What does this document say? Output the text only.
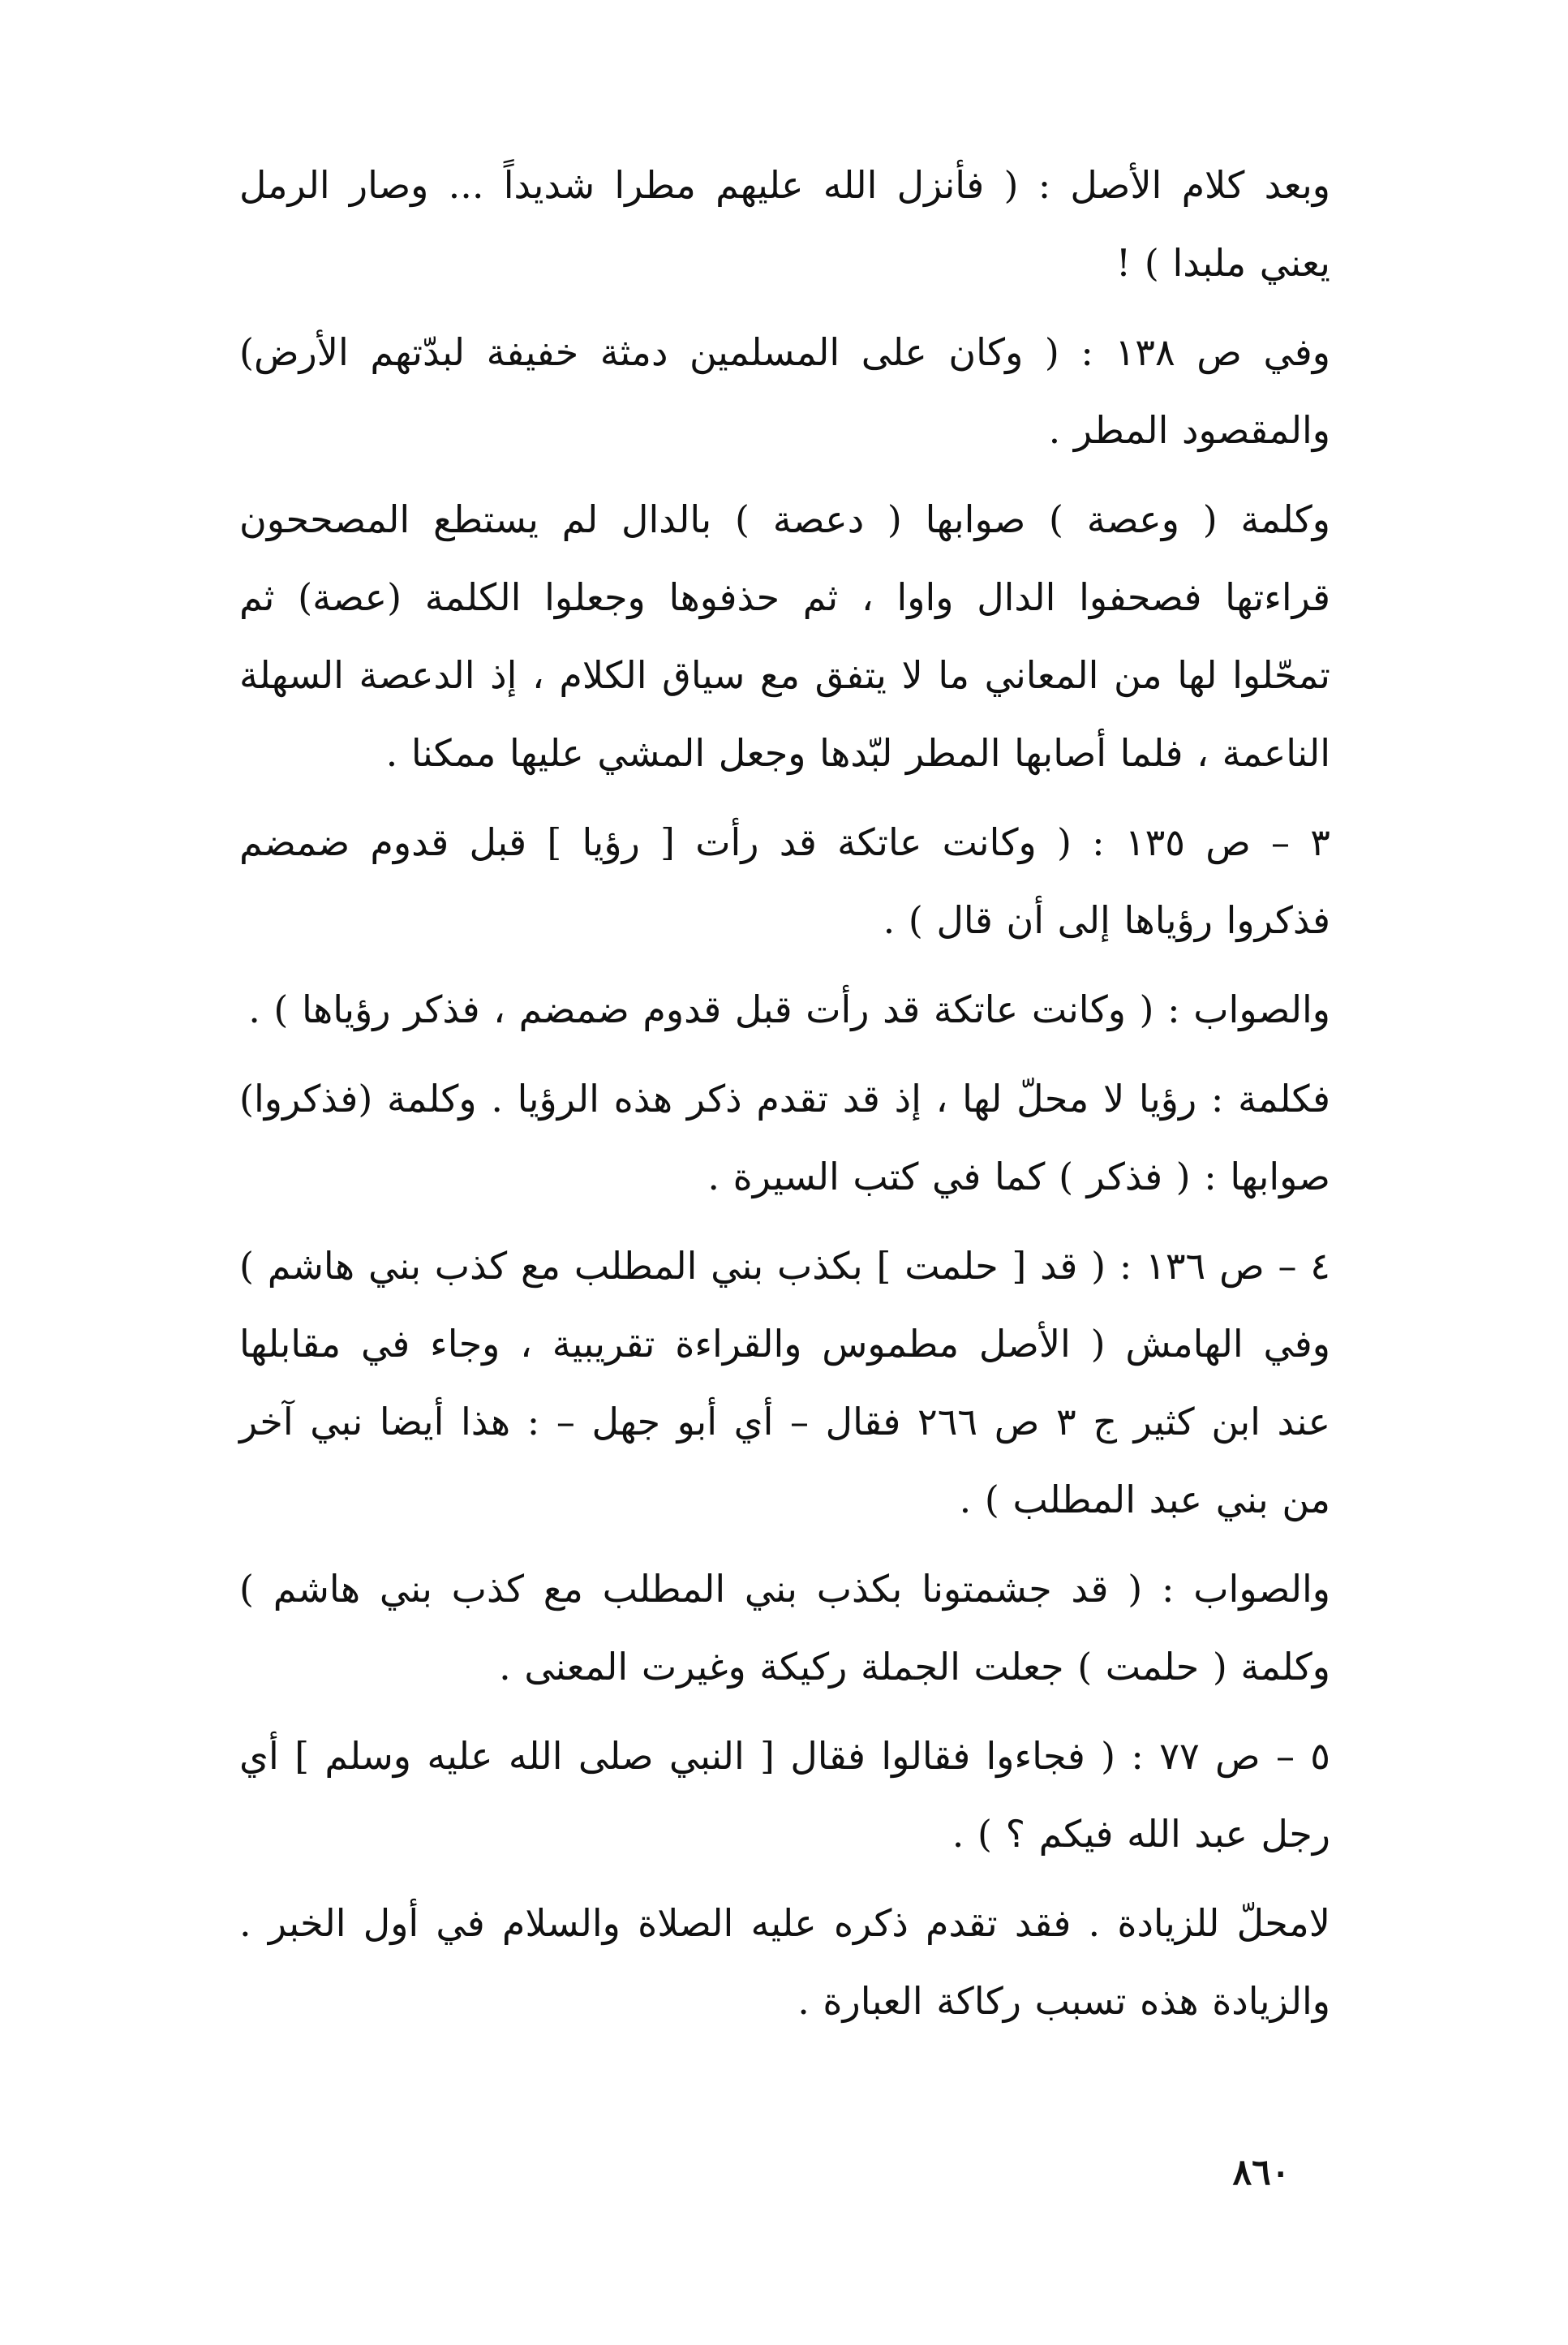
وبعد كلام الأصل : ( فأنزل الله عليهم مطرا شديداً ... وصار الرمل يعني ملبدا ) !

وفي ص ١٣٨ : ( وكان على المسلمين دمثة خفيفة لبدّتهم الأرض) والمقصود المطر .

وكلمة ( وعصة ) صوابها ( دعصة ) بالدال لم يستطع المصححون قراءتها فصحفوا الدال واوا ، ثم حذفوها وجعلوا الكلمة (عصة) ثم تمحّلوا لها من المعاني ما لا يتفق مع سياق الكلام ، إذ الدعصة السهلة الناعمة ، فلما أصابها المطر لبّدها وجعل المشي عليها ممكنا .

٣ – ص ١٣٥ : ( وكانت عاتكة قد رأت [ رؤيا ] قبل قدوم ضمضم فذكروا رؤياها إلى أن قال ) .

والصواب : ( وكانت عاتكة قد رأت قبل قدوم ضمضم ، فذكر رؤياها ) .

فكلمة : رؤيا لا محلّ لها ، إذ قد تقدم ذكر هذه الرؤيا . وكلمة (فذكروا) صوابها : ( فذكر ) كما في كتب السيرة .

٤ – ص ١٣٦ : ( قد [ حلمت ] بكذب بني المطلب مع كذب بني هاشم ) وفي الهامش ( الأصل مطموس والقراءة تقريبية ، وجاء في مقابلها عند ابن كثير ج ٣ ص ٢٦٦ فقال – أي أبو جهل – : هذا أيضا نبي آخر من بني عبد المطلب ) .

والصواب : ( قد جشمتونا بكذب بني المطلب مع كذب بني هاشم ) وكلمة ( حلمت ) جعلت الجملة ركيكة وغيرت المعنى .

٥ – ص ٧٧ : ( فجاءوا فقالوا فقال [ النبي صلى الله عليه وسلم ] أي رجل عبد الله فيكم ؟ ) .

لامحلّ للزيادة . فقد تقدم ذكره عليه الصلاة والسلام في أول الخبر . والزيادة هذه تسبب ركاكة العبارة .

٨٦٠
